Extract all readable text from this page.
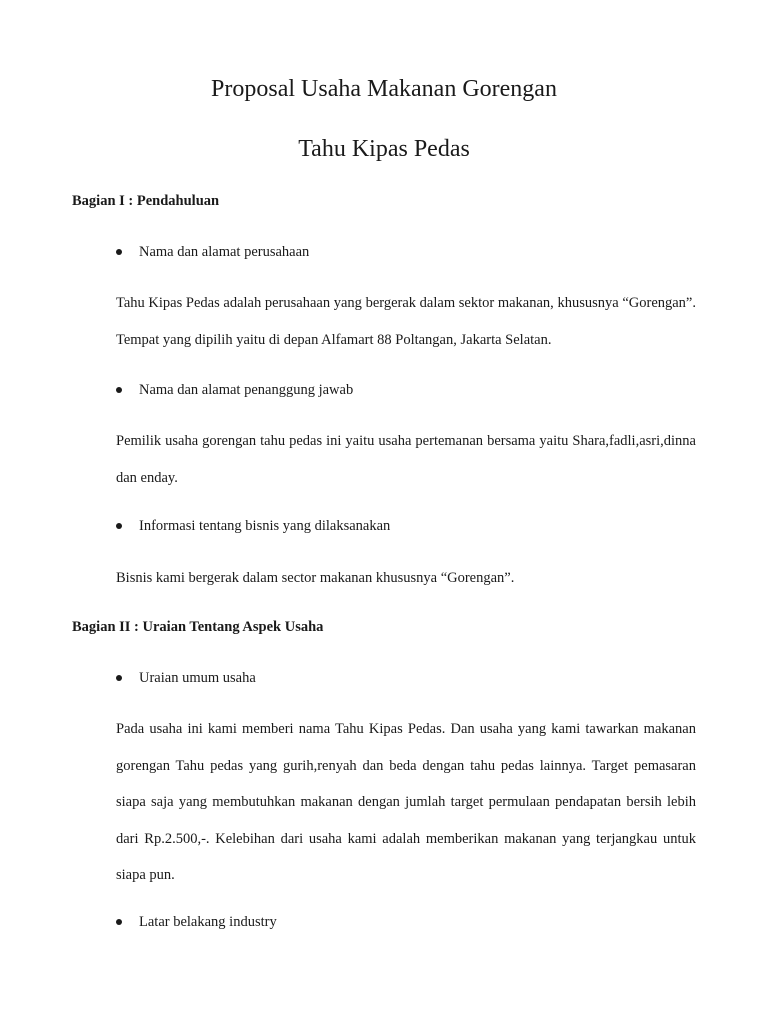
Proposal Usaha Makanan Gorengan
Tahu Kipas Pedas
Bagian I : Pendahuluan
Nama dan alamat perusahaan

Tahu Kipas Pedas adalah perusahaan yang bergerak dalam sektor makanan, khususnya “Gorengan”. Tempat yang dipilih yaitu di depan Alfamart 88 Poltangan, Jakarta Selatan.

Nama dan alamat penanggung jawab

Pemilik usaha gorengan tahu pedas ini yaitu usaha pertemanan bersama yaitu Shara,fadli,asri,dinna dan enday.

Informasi tentang bisnis yang dilaksanakan

Bisnis kami bergerak dalam sector makanan khususnya “Gorengan”.

Bagian II : Uraian Tentang Aspek Usaha
Uraian umum usaha

Pada usaha ini kami memberi nama Tahu Kipas Pedas. Dan usaha yang kami tawarkan makanan gorengan Tahu pedas yang gurih,renyah dan beda dengan tahu pedas lainnya. Target pemasaran siapa saja yang membutuhkan makanan dengan jumlah target permulaan pendapatan bersih lebih dari Rp.2.500,-. Kelebihan dari usaha kami adalah memberikan makanan yang terjangkau untuk siapa pun.

Latar belakang industry
